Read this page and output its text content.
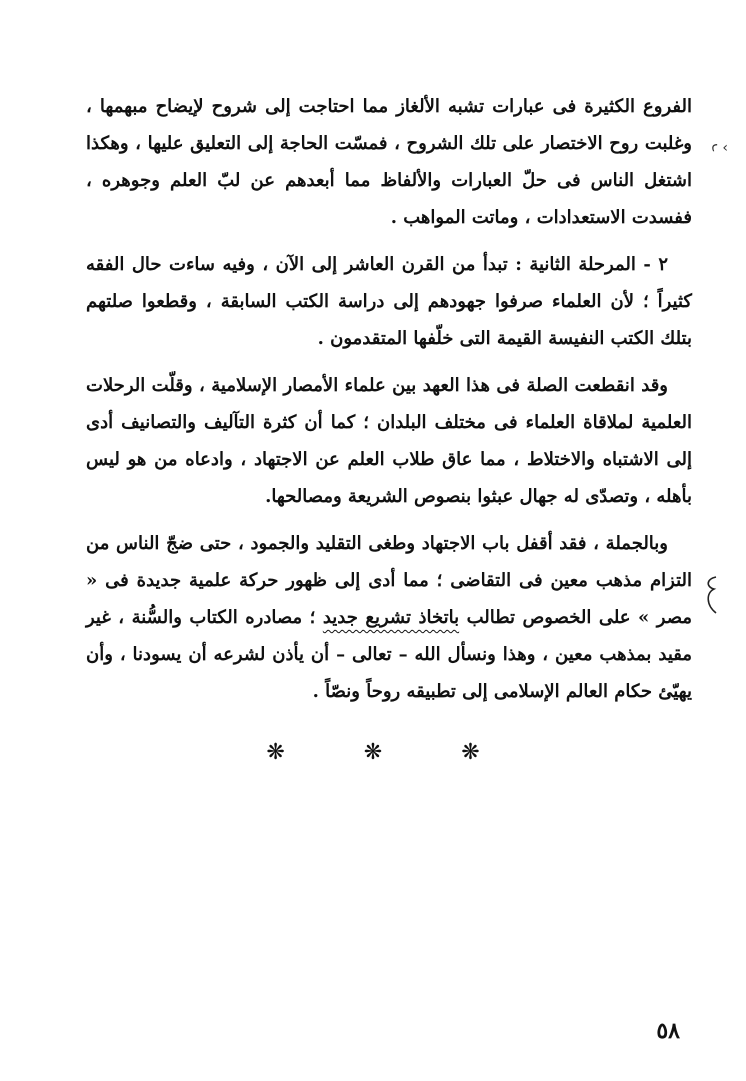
ꜥ ‹

الفروع الكثيرة فى عبارات تشبه الألغاز مما احتاجت إلى شروح لإيضاح مبهمها ، وغلبت روح الاختصار على تلك الشروح ، فمسّت الحاجة إلى التعليق عليها ، وهكذا اشتغل الناس فى حلّ العبارات والألفاظ مما أبعدهم عن لبّ العلم وجوهره ، ففسدت الاستعدادات ، وماتت المواهب .

٢ - المرحلة الثانية : تبدأ من القرن العاشر إلى الآن ، وفيه ساءت حال الفقه كثيراً ؛ لأن العلماء صرفوا جهودهم إلى دراسة الكتب السابقة ، وقطعوا صلتهم بتلك الكتب النفيسة القيمة التى خلّفها المتقدمون .

وقد انقطعت الصلة فى هذا العهد بين علماء الأمصار الإسلامية ، وقلّت الرحلات العلمية لملاقاة العلماء فى مختلف البلدان ؛ كما أن كثرة التآليف والتصانيف أدى إلى الاشتباه والاختلاط ، مما عاق طلاب العلم عن الاجتهاد ، وادعاه من هو ليس بأهله ، وتصدّى له جهال عبثوا بنصوص الشريعة ومصالحها.

وبالجملة ، فقد أقفل باب الاجتهاد وطغى التقليد والجمود ، حتى ضجّ الناس من التزام مذهب معين فى التقاضى ؛ مما أدى إلى ظهور حركة علمية جديدة فى « مصر » على الخصوص تطالب باتخاذ تشريع جديد ؛ مصادره الكتاب والسُّنة ، غير مقيد بمذهب معين ، وهذا ونسأل الله – تعالى – أن يأذن لشرعه أن يسودنا ، وأن يهيّئ حكام العالم الإسلامى إلى تطبيقه روحاً ونصّاً .

❋ ❋ ❋
٥٨
